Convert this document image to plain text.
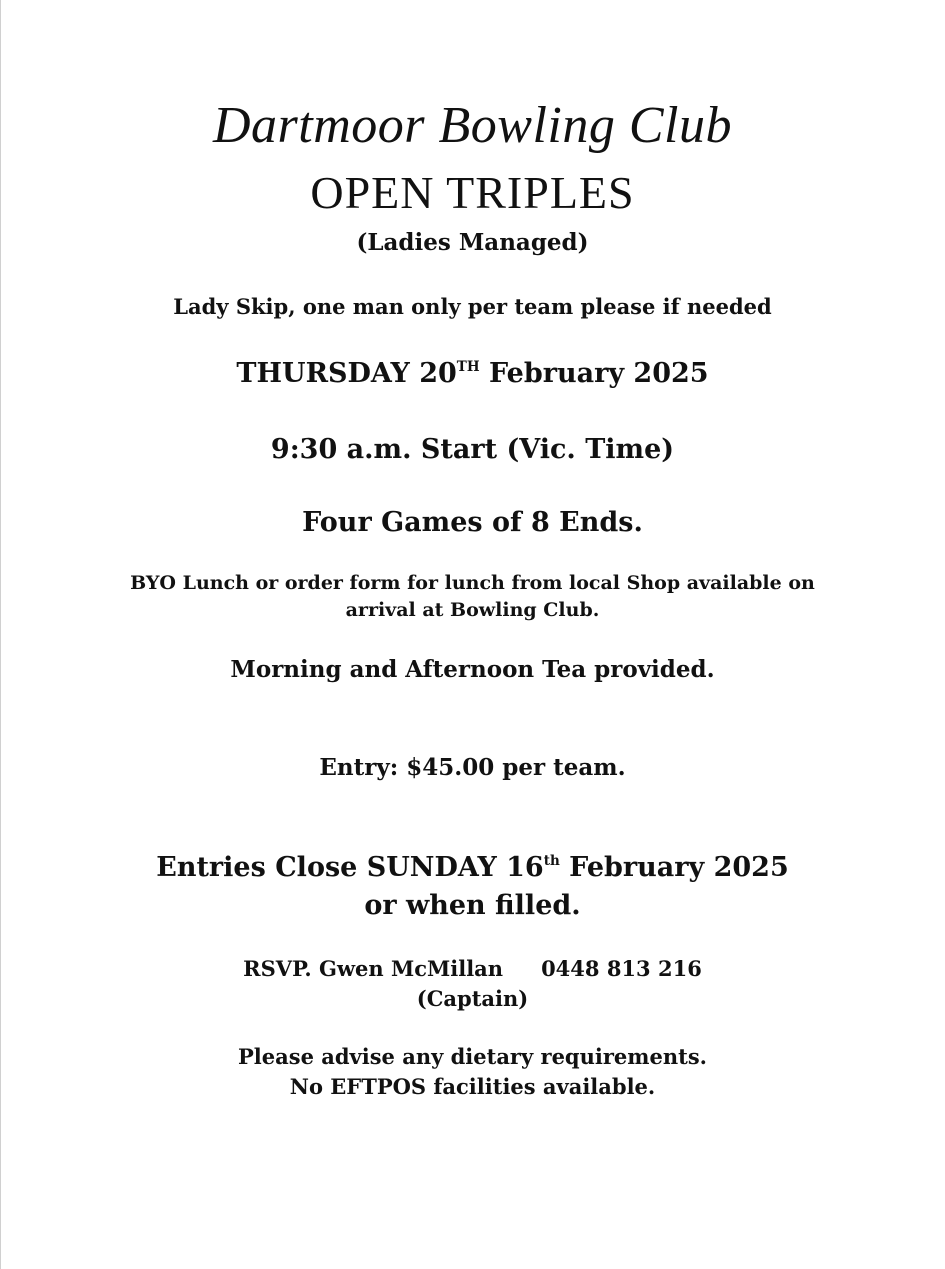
Dartmoor Bowling Club
OPEN TRIPLES
(Ladies Managed)
Lady Skip, one man only per team please if needed
THURSDAY 20TH February 2025
9:30 a.m. Start (Vic. Time)
Four Games of 8 Ends.
BYO Lunch or order form for lunch from local Shop available on
arrival at Bowling Club.
Morning and Afternoon Tea provided.
Entry: $45.00 per team.
Entries Close SUNDAY 16th February 2025
or when filled.
RSVP. Gwen McMillan 0448 813 216
(Captain)
Please advise any dietary requirements.
No EFTPOS facilities available.
